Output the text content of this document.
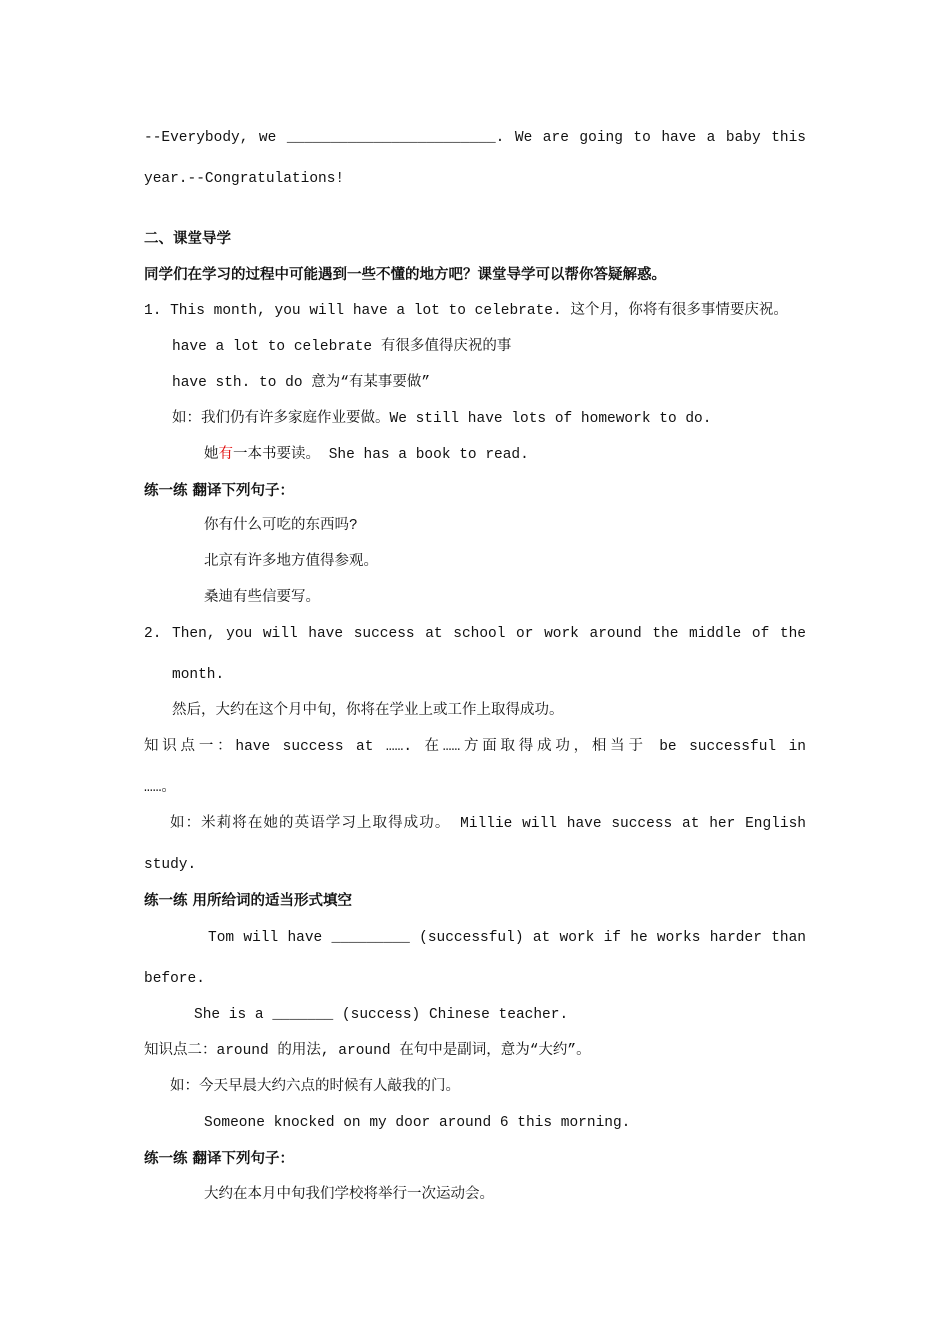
--Everybody, we ________________________. We are going to have a baby this
year.--Congratulations!
二、课堂导学
同学们在学习的过程中可能遇到一些不懂的地方吧？课堂导学可以帮你答疑解惑。
1. This month, you will have a lot to celebrate. 这个月，你将有很多事情要庆祝。
have a lot to celebrate 有很多值得庆祝的事
have sth. to do 意为“有某事要做”
如：我们仍有许多家庭作业要做。We still have lots of homework to do.
她有一本书要读。 She has a book to read.
练一练 翻译下列句子：
你有什么可吃的东西吗?
北京有许多地方值得参观。
桑迪有些信要写。
2. Then, you will have success at school or work around the middle of the
month.
然后，大约在这个月中旬，你将在学业上或工作上取得成功。
知识点一：have success at ……. 在……方面取得成功，相当于 be successful in
……。
如：米莉将在她的英语学习上取得成功。 Millie will have success at her English
study.
练一练 用所给词的适当形式填空
Tom will have _________ (successful) at work if he works harder than
before.
She is a _______ (success) Chinese teacher.
知识点二：around 的用法, around 在句中是副词，意为“大约”。
如：今天早晨大约六点的时候有人敲我的门。
Someone knocked on my door around 6 this morning.
练一练 翻译下列句子：
大约在本月中旬我们学校将举行一次运动会。
